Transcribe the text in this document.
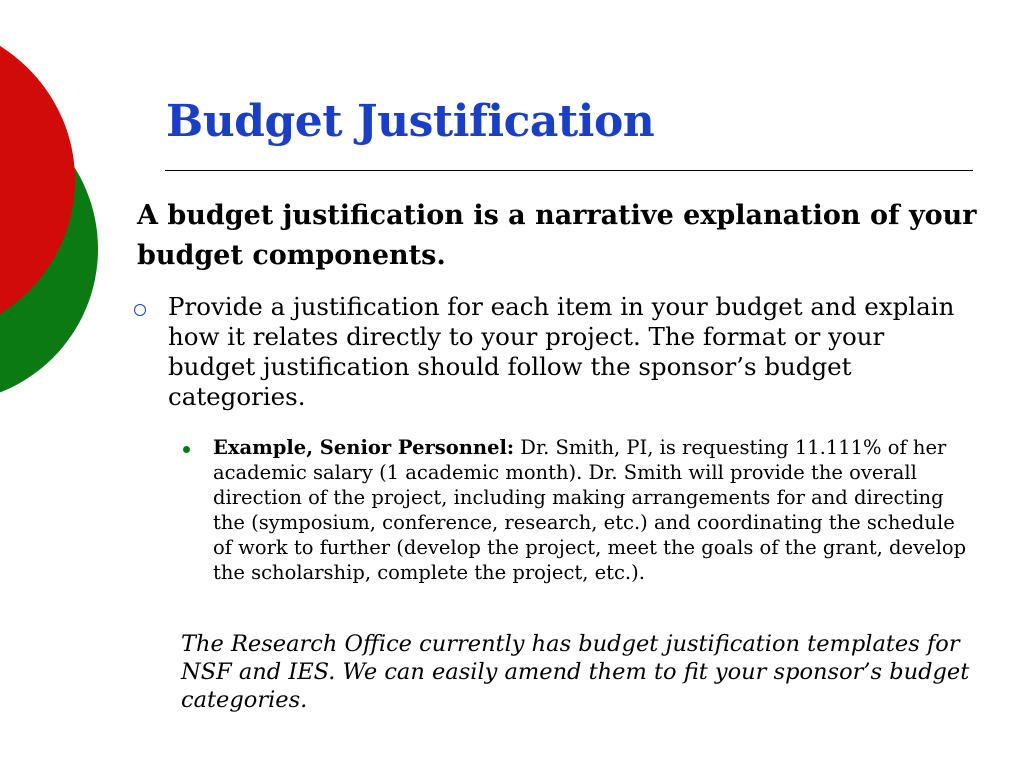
Budget Justification

A budget justification is a narrative explanation of your budget components.

Provide a justification for each item in your budget and explain how it relates directly to your project. The format or your budget justification should follow the sponsor’s budget categories.
Example, Senior Personnel: Dr. Smith, PI, is requesting 11.111% of her academic salary (1 academic month). Dr. Smith will provide the overall direction of the project, including making arrangements for and directing the (symposium, conference, research, etc.) and coordinating the schedule of work to further (develop the project, meet the goals of the grant, develop the scholarship, complete the project, etc.).

The Research Office currently has budget justification templates for NSF and IES. We can easily amend them to fit your sponsor’s budget categories.
